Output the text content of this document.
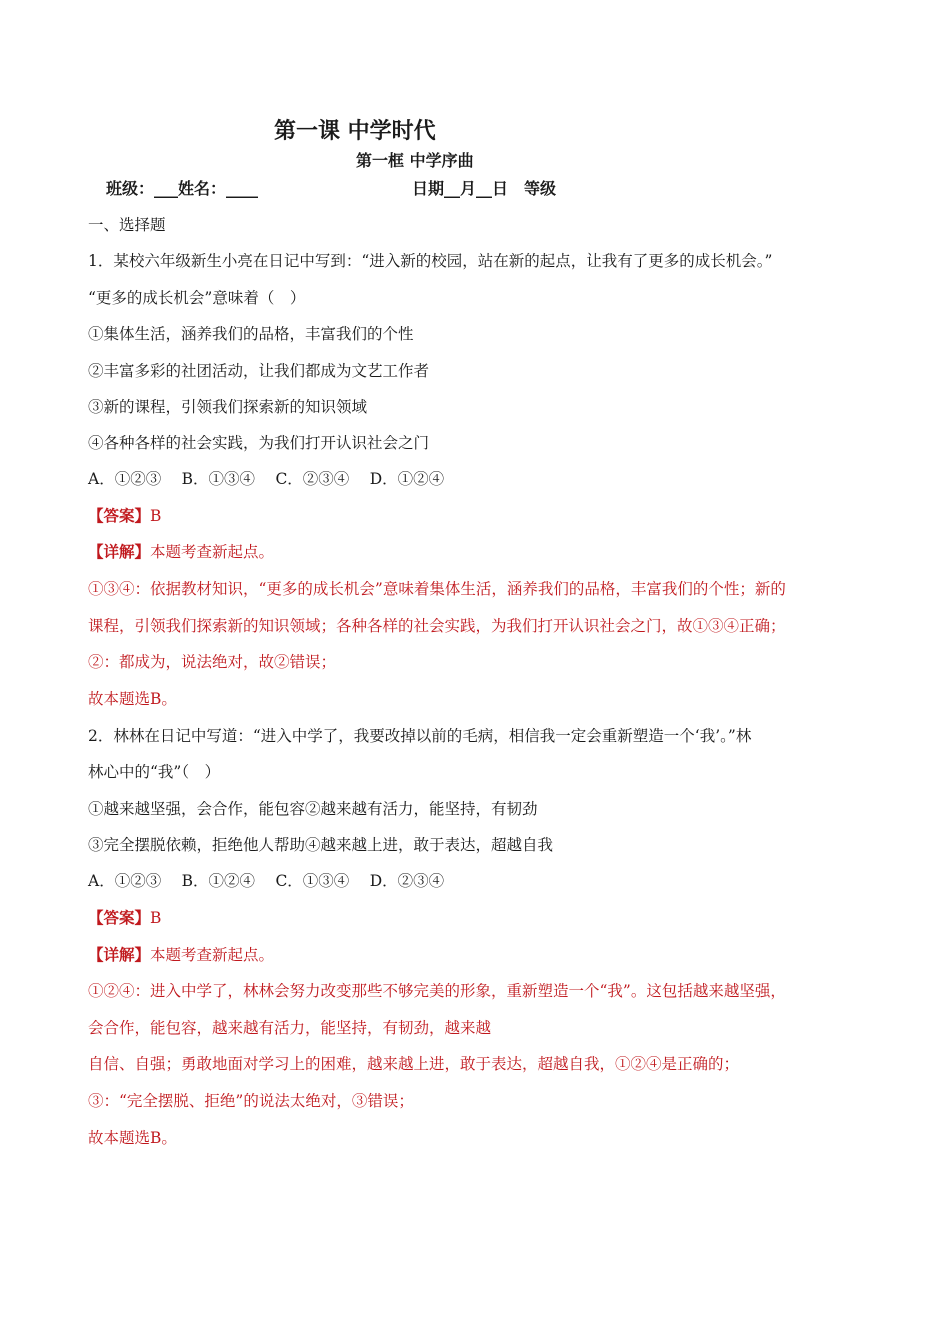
第一课 中学时代
第一框 中学序曲
班级：___姓名：____	日期__月__日　等级
一、选择题
1．某校六年级新生小亮在日记中写到：“进入新的校园，站在新的起点，让我有了更多的成长机会。”
“更多的成长机会”意味着（　）
①集体生活，涵养我们的品格，丰富我们的个性
②丰富多彩的社团活动，让我们都成为文艺工作者
③新的课程，引领我们探索新的知识领域
④各种各样的社会实践，为我们打开认识社会之门
A．①②③　 B．①③④　 C．②③④　 D．①②④
【答案】B
【详解】本题考查新起点。
①③④：依据教材知识，“更多的成长机会”意味着集体生活，涵养我们的品格，丰富我们的个性；新的
课程，引领我们探索新的知识领域；各种各样的社会实践，为我们打开认识社会之门，故①③④正确；
②：都成为，说法绝对，故②错误；
故本题选B。
2．林林在日记中写道：“进入中学了，我要改掉以前的毛病，相信我一定会重新塑造一个‘我’。”林
林心中的“我”（　）
①越来越坚强，会合作，能包容②越来越有活力，能坚持，有韧劲
③完全摆脱依赖，拒绝他人帮助④越来越上进，敢于表达，超越自我
A．①②③　 B．①②④　 C．①③④　 D．②③④
【答案】B
【详解】本题考查新起点。
①②④：进入中学了，林林会努力改变那些不够完美的形象，重新塑造一个“我”。这包括越来越坚强，
会合作，能包容，越来越有活力，能坚持，有韧劲，越来越
自信、自强；勇敢地面对学习上的困难，越来越上进，敢于表达，超越自我，①②④是正确的；
③：“完全摆脱、拒绝”的说法太绝对，③错误；
故本题选B。
